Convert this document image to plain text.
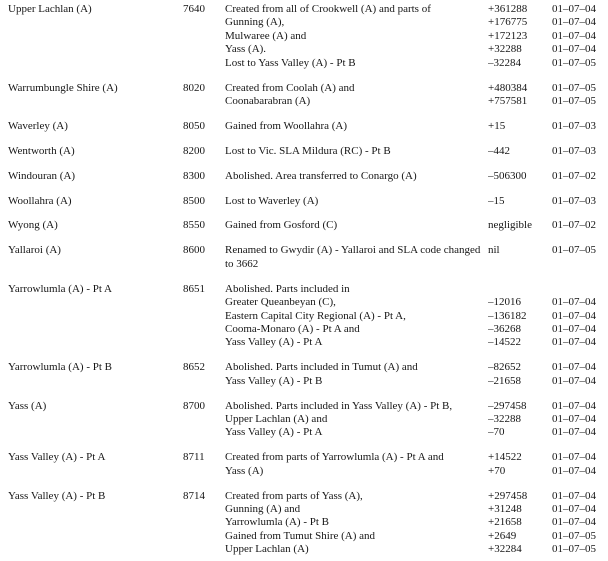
Upper Lachlan (A)	7640	Created from all of Crookwell (A) and parts of	+361288	01–07–04
Gunning (A),	+176775	01–07–04
Mulwaree (A) and	+172123	01–07–04
Yass (A).	+32288	01–07–04
Lost to Yass Valley (A) - Pt B	–32284	01–07–05
Warrumbungle Shire (A)	8020	Created from Coolah (A) and	+480384	01–07–05
Coonabarabran (A)	+757581	01–07–05
Waverley (A)	8050	Gained from Woollahra (A)	+15	01–07–03
Wentworth (A)	8200	Lost to Vic. SLA Mildura (RC) - Pt B	–442	01–07–03
Windouran (A)	8300	Abolished. Area transferred to Conargo (A)	–506300	01–07–02
Woollahra (A)	8500	Lost to Waverley (A)	–15	01–07–03
Wyong (A)	8550	Gained from Gosford (C)	negligible	01–07–02
Yallaroi (A)	8600	Renamed to Gwydir (A) - Yallaroi and SLA code changed nil	01–07–05
to 3662
Yarrowlumla (A) - Pt A	8651	Abolished. Parts included in
Greater Queanbeyan (C),	–12016	01–07–04
Eastern Capital City Regional (A) - Pt A,	–136182	01–07–04
Cooma-Monaro (A) - Pt A and	–36268	01–07–04
Yass Valley (A) - Pt A	–14522	01–07–04
Yarrowlumla (A) - Pt B	8652	Abolished. Parts included in Tumut (A) and	–82652	01–07–04
Yass Valley (A) - Pt B	–21658	01–07–04
Yass (A)	8700	Abolished. Parts included in Yass Valley (A) - Pt B,	–297458	01–07–04
Upper Lachlan (A) and	–32288	01–07–04
Yass Valley (A) - Pt A	–70	01–07–04
Yass Valley (A) - Pt A	8711	Created from parts of Yarrowlumla (A) - Pt A and	+14522	01–07–04
Yass (A)	+70	01–07–04
Yass Valley (A) - Pt B	8714	Created from parts of Yass (A),	+297458	01–07–04
Gunning (A) and	+31248	01–07–04
Yarrowlumla (A) - Pt B	+21658	01–07–04
Gained from Tumut Shire (A) and	+2649	01–07–05
Upper Lachlan (A)	+32284	01–07–05
